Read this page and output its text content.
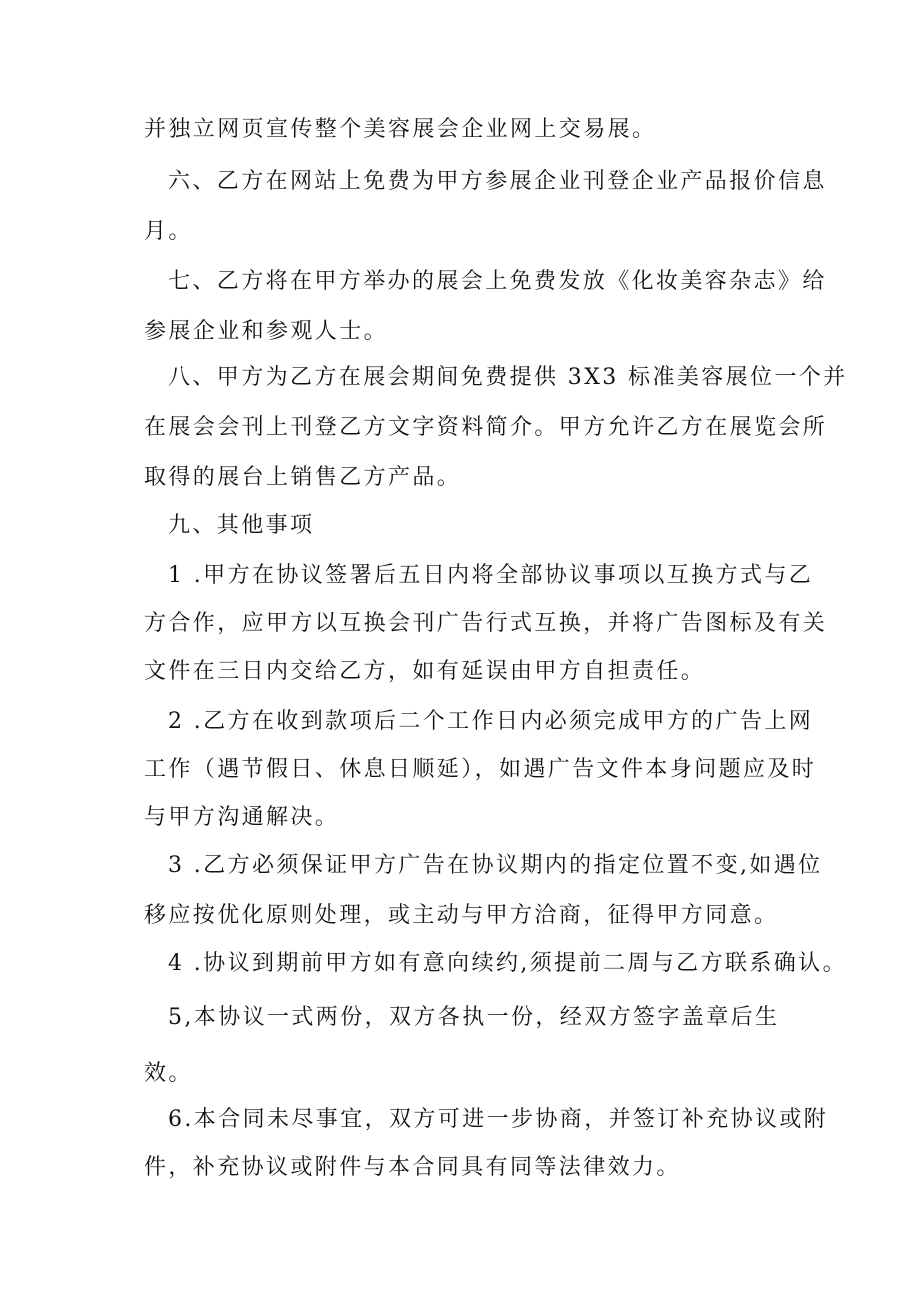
并独立网页宣传整个美容展会企业网上交易展。
六、乙方在网站上免费为甲方参展企业刊登企业产品报价信息
月。
七、乙方将在甲方举办的展会上免费发放《化妆美容杂志》给
参展企业和参观人士。
八、甲方为乙方在展会期间免费提供 3X3 标准美容展位一个并
在展会会刊上刊登乙方文字资料简介。甲方允许乙方在展览会所
取得的展台上销售乙方产品。
九、其他事项
1 .甲方在协议签署后五日内将全部协议事项以互换方式与乙
方合作，应甲方以互换会刊广告行式互换，并将广告图标及有关
文件在三日内交给乙方，如有延误由甲方自担责任。
2 .乙方在收到款项后二个工作日内必须完成甲方的广告上网
工作（遇节假日、休息日顺延），如遇广告文件本身问题应及时
与甲方沟通解决。
3 .乙方必须保证甲方广告在协议期内的指定位置不变,如遇位
移应按优化原则处理，或主动与甲方洽商，征得甲方同意。
4 .协议到期前甲方如有意向续约,须提前二周与乙方联系确认。
5,本协议一式两份，双方各执一份，经双方签字盖章后生
效。
6.本合同未尽事宜，双方可进一步协商，并签订补充协议或附
件，补充协议或附件与本合同具有同等法律效力。
